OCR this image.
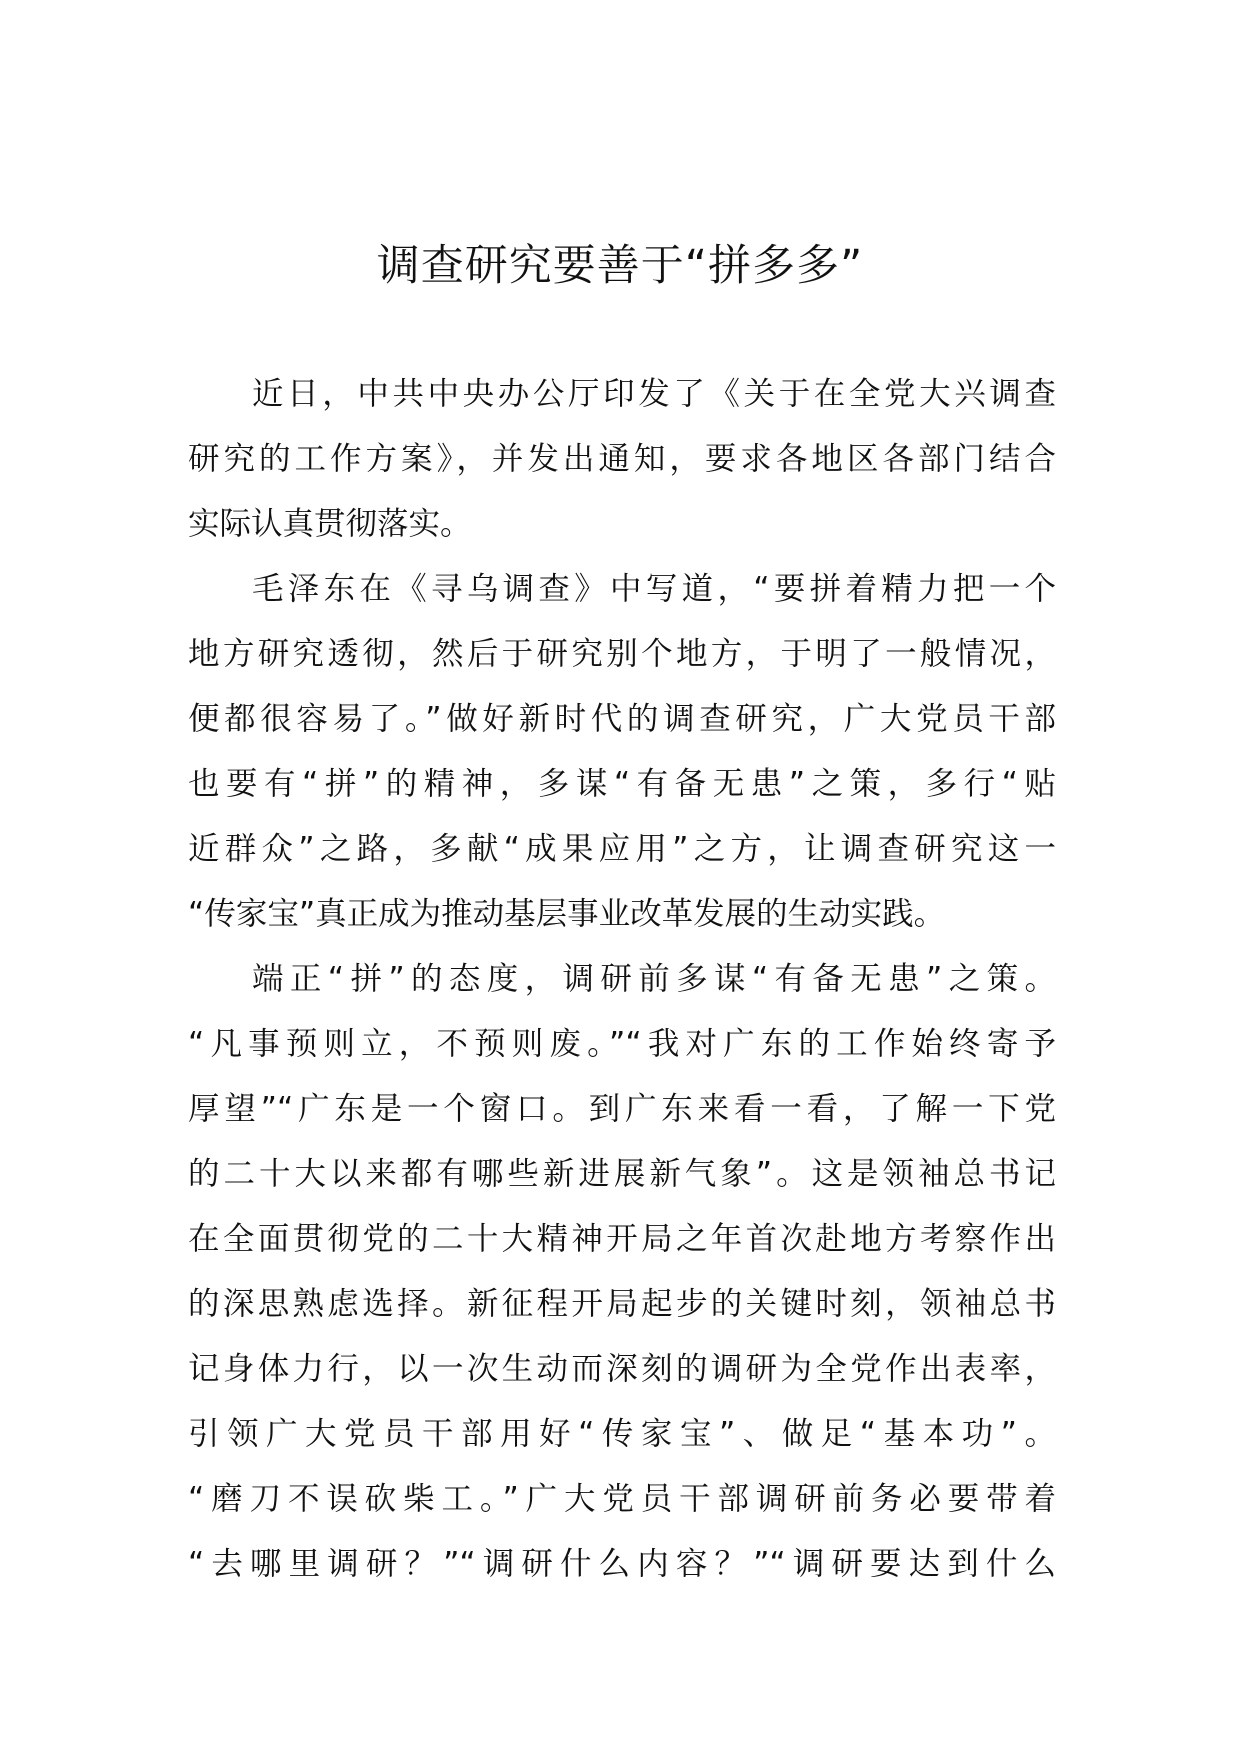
调查研究要善于“拼多多”
近日，中共中央办公厅印发了《关于在全党大兴调查
研究的工作方案》，并发出通知，要求各地区各部门结合
实际认真贯彻落实。
毛泽东在《寻乌调查》中写道，“要拼着精力把一个
地方研究透彻，然后于研究别个地方，于明了一般情况，
便都很容易了。”做好新时代的调查研究，广大党员干部
也要有“拼”的精神，多谋“有备无患”之策，多行“贴
近群众”之路，多献“成果应用”之方，让调查研究这一
“传家宝”真正成为推动基层事业改革发展的生动实践。
端正“拼”的态度，调研前多谋“有备无患”之策。
“凡事预则立，不预则废。”“我对广东的工作始终寄予
厚望”“广东是一个窗口。到广东来看一看，了解一下党
的二十大以来都有哪些新进展新气象”。这是领袖总书记
在全面贯彻党的二十大精神开局之年首次赴地方考察作出
的深思熟虑选择。新征程开局起步的关键时刻，领袖总书
记身体力行，以一次生动而深刻的调研为全党作出表率，
引领广大党员干部用好“传家宝”、做足“基本功”。
“磨刀不误砍柴工。”广大党员干部调研前务必要带着
“去哪里调研？”“调研什么内容？”“调研要达到什么
